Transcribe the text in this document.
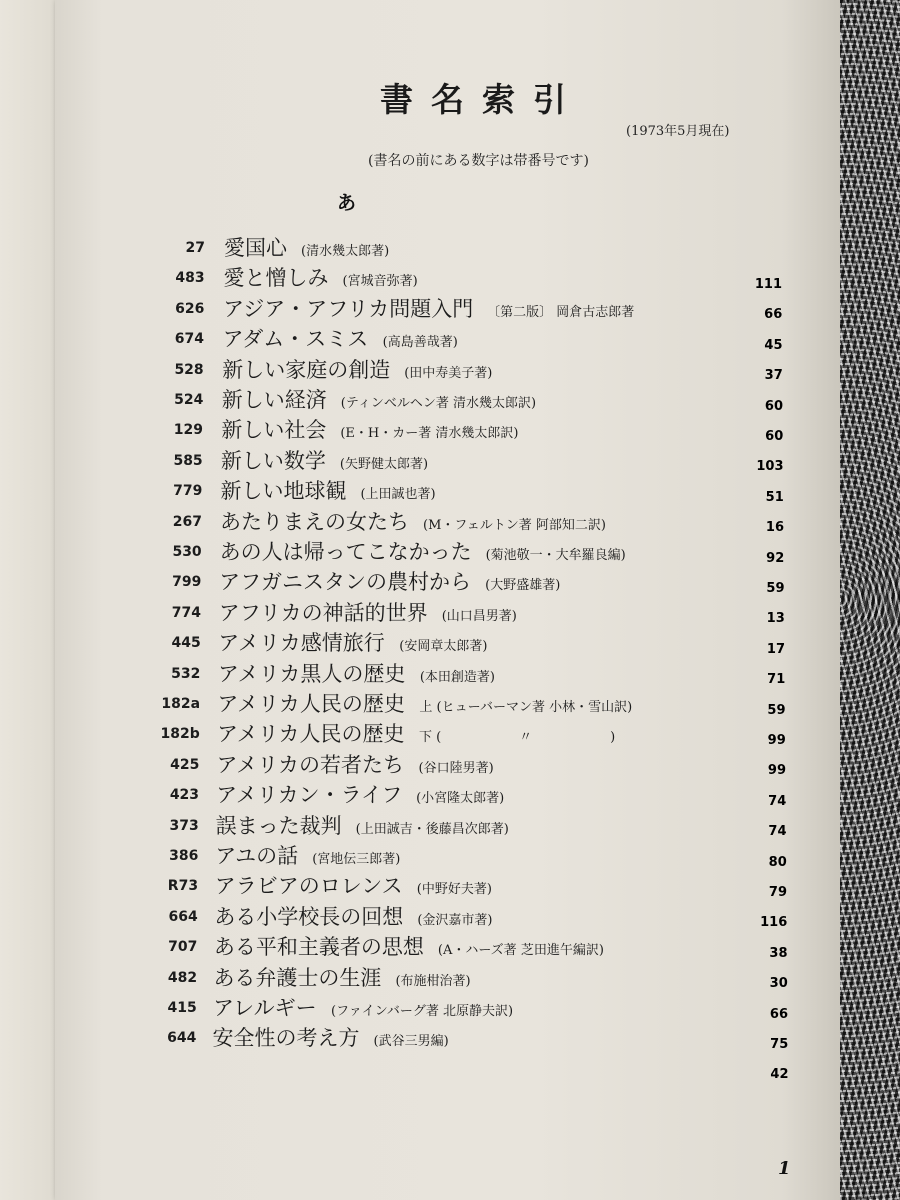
書名索引
(1973年5月現在)
(書名の前にある数字は帯番号です)
あ
27 愛国心 (清水幾太郎著)
483 愛と憎しみ (宮城音弥著)
626 アジア・アフリカ問題入門 〔第二版〕 岡倉古志郎著
674 アダム・スミス (高島善哉著)
528 新しい家庭の創造 (田中寿美子著)
524 新しい経済 (ティンベルヘン著 清水幾太郎訳)
129 新しい社会 (E・H・カー著 清水幾太郎訳)
585 新しい数学 (矢野健太郎著)
779 新しい地球観 (上田誠也著)
267 あたりまえの女たち (M・フェルトン著 阿部知二訳)
530 あの人は帰ってこなかった (菊池敬一・大牟羅良編)
799 アフガニスタンの農村から (大野盛雄著)
774 アフリカの神話的世界 (山口昌男著)
445 アメリカ感情旅行 (安岡章太郎著)
532 アメリカ黒人の歴史 (本田創造著)
182a アメリカ人民の歴史 上 (ヒューバーマン著 小林・雪山訳)
182b アメリカ人民の歴史 下 (　　　　　　〃　　　　　　)
425 アメリカの若者たち (谷口陸男著)
423 アメリカン・ライフ (小宮隆太郎著)
373 誤まった裁判 (上田誠吉・後藤昌次郎著)
386 アユの話 (宮地伝三郎著)
R73 アラビアのロレンス (中野好夫著)
664 ある小学校長の回想 (金沢嘉市著)
707 ある平和主義者の思想 (A・ハーズ著 芝田進午編訳)
482 ある弁護士の生涯 (布施柑治著)
415 アレルギー (ファインバーグ著 北原静夫訳)
644 安全性の考え方 (武谷三男編)
111
66
45
37
60
60
103
51
16
92
59
13
17
71
59
99
99
74
74
80
79
116
38
30
66
75
42
1
